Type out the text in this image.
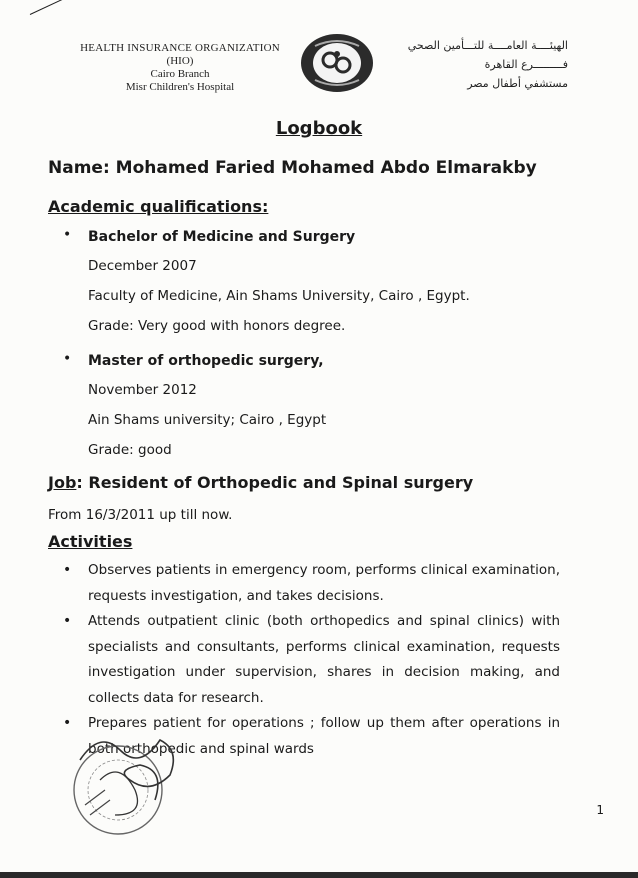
HEALTH INSURANCE ORGANIZATION
(HIO)
Cairo Branch
Misr Children's Hospital
الهيئــــة العامــــة للتـــأمين الصحي
فـــــــــرع القاهرة
مستشفي أطفال مصر
Logbook
Name: Mohamed Faried Mohamed Abdo Elmarakby
Academic qualifications:
•	Bachelor of Medicine and Surgery
December 2007
Faculty of Medicine, Ain Shams University, Cairo , Egypt.
Grade: Very good with honors degree.
•	Master of orthopedic surgery,
November 2012
Ain Shams university; Cairo , Egypt
Grade: good
Job: Resident of Orthopedic and Spinal surgery
From 16/3/2011 up till now.
Activities
• Observes patients in emergency room, performs clinical examination, requests investigation, and takes decisions.
• Attends outpatient clinic (both orthopedics and spinal clinics) with specialists and consultants, performs clinical examination, requests investigation under supervision, shares in decision making, and collects data for research.
• Prepares patient for operations ; follow up them after operations in both orthopedic and spinal wards
1
